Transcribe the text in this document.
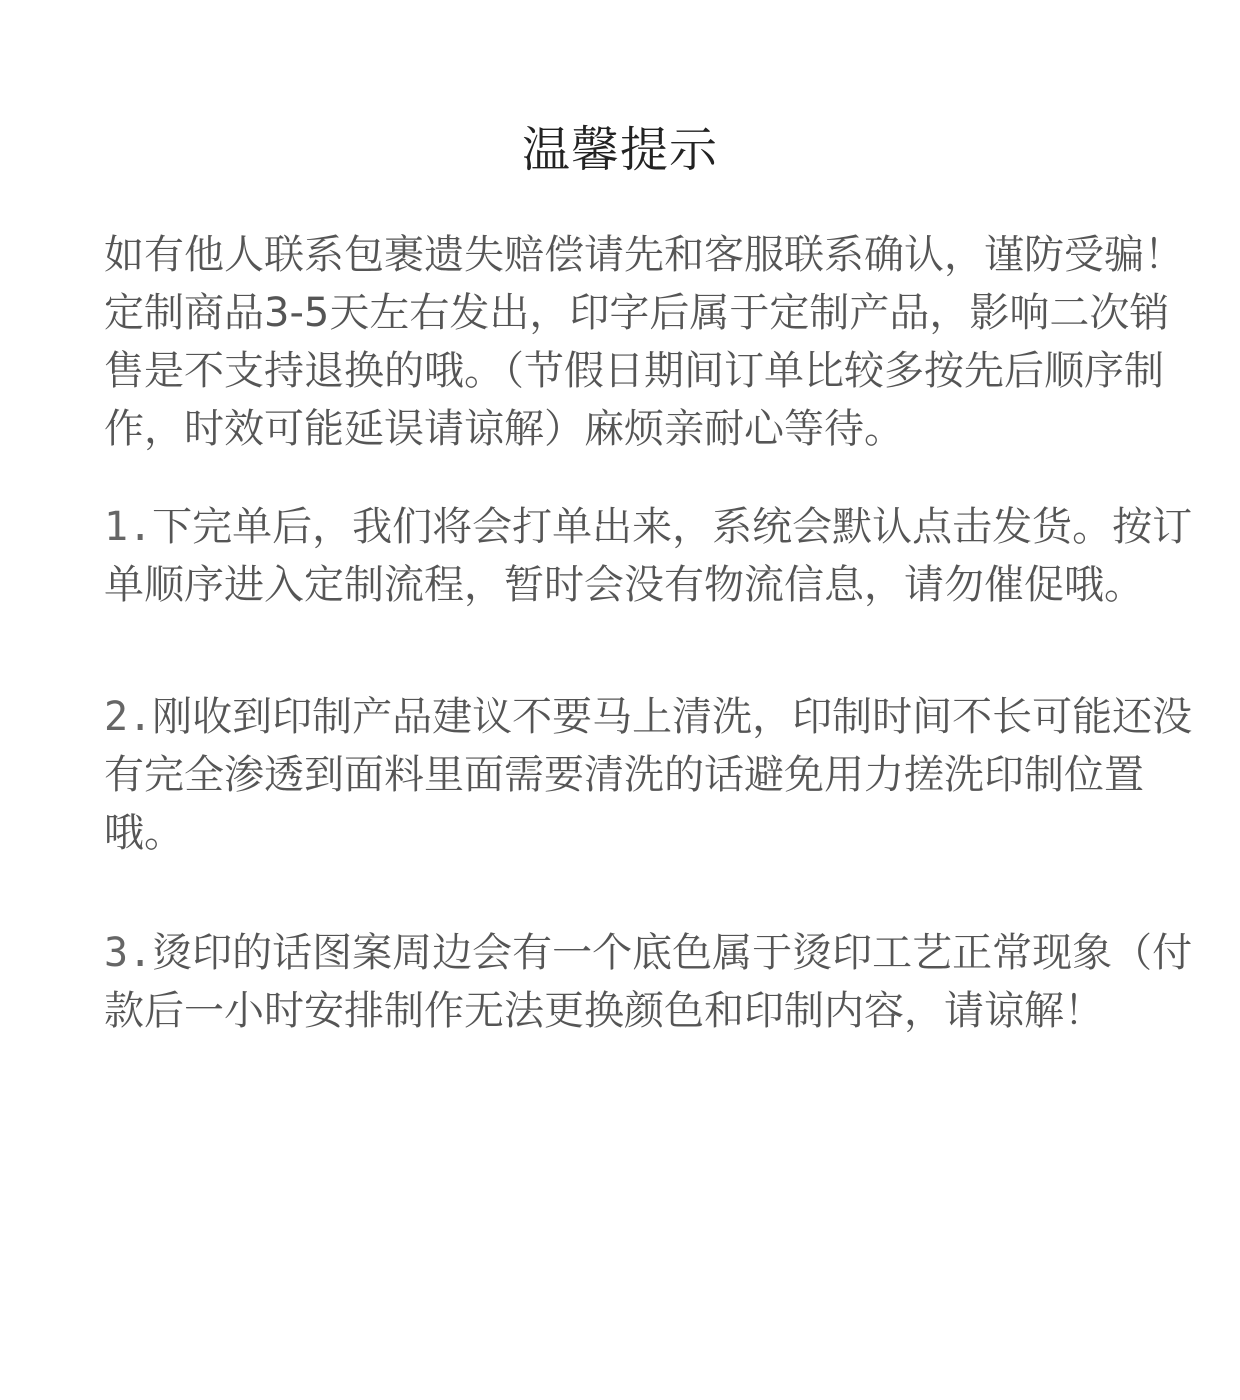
温馨提示

如有他人联系包裹遗失赔偿请先和客服联系确认，谨防受骗！
定制商品3-5天左右发出，印字后属于定制产品，影响二次销
售是不支持退换的哦。（节假日期间订单比较多按先后顺序制
作，时效可能延误请谅解）麻烦亲耐心等待。

1.下完单后，我们将会打单出来，系统会默认点击发货。按订
单顺序进入定制流程，暂时会没有物流信息，请勿催促哦。

2.刚收到印制产品建议不要马上清洗，印制时间不长可能还没
有完全渗透到面料里面需要清洗的话避免用力搓洗印制位置
哦。

3.烫印的话图案周边会有一个底色属于烫印工艺正常现象（付
款后一小时安排制作无法更换颜色和印制内容，请谅解！
